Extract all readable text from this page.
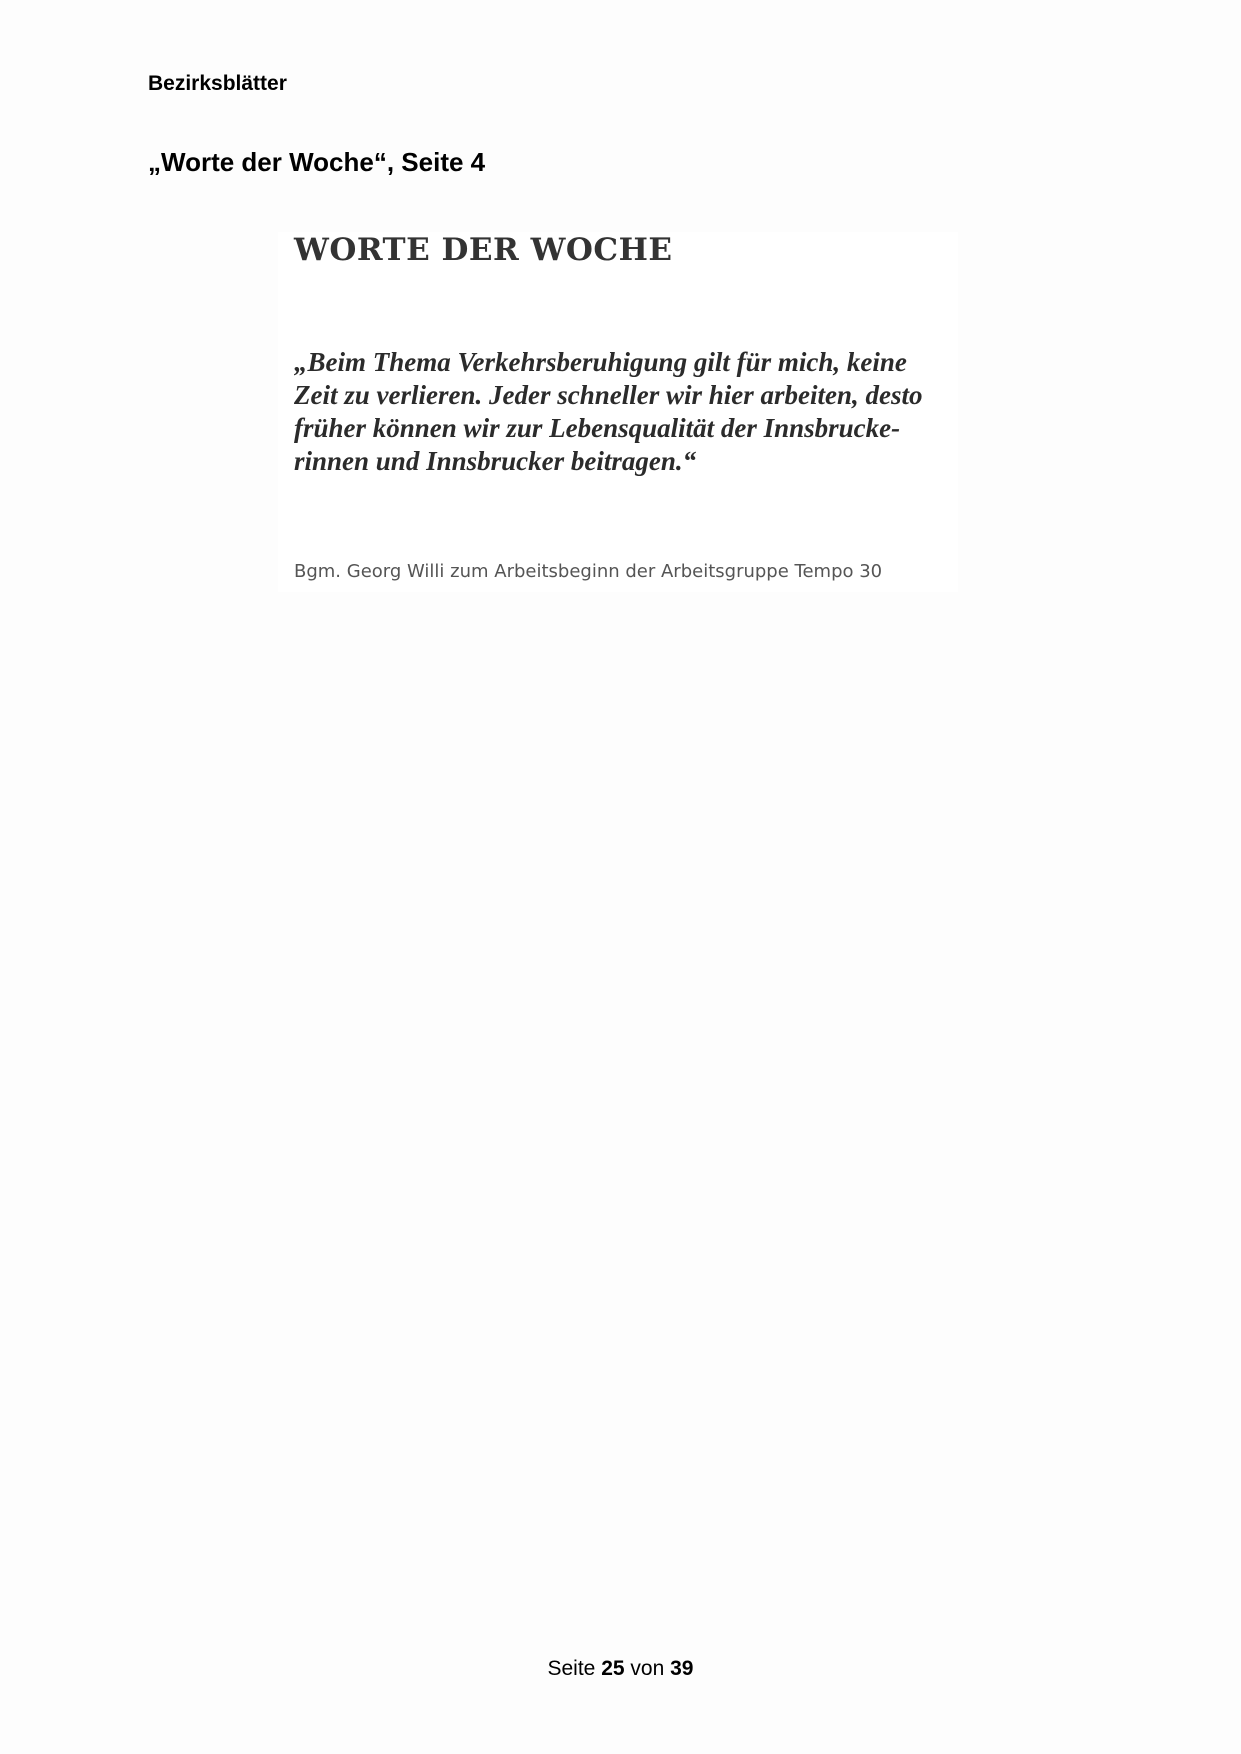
Bezirksblätter

„Worte der Woche“, Seite 4
WORTE DER WOCHE

„Beim Thema Verkehrsberuhigung gilt für mich, keine
Zeit zu verlieren. Jeder schneller wir hier arbeiten, desto
früher können wir zur Lebensqualität der Innsbrucke-
rinnen und Innsbrucker beitragen.“

Bgm. Georg Willi zum Arbeitsbeginn der Arbeitsgruppe Tempo 30

Seite 25 von 39
